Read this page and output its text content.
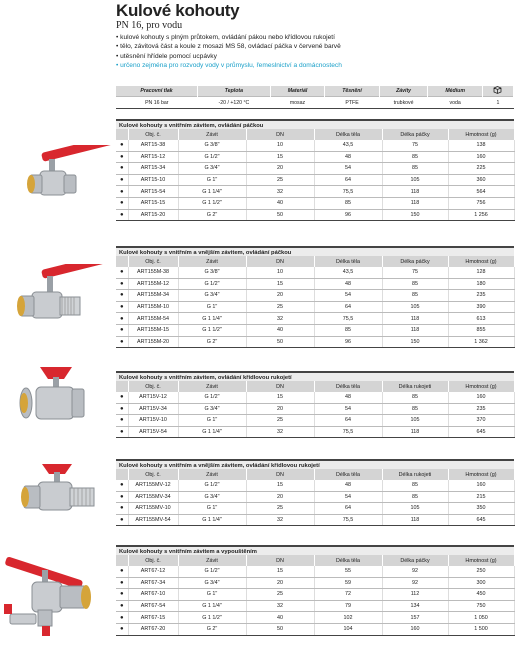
Kulové kohouty
PN 16, pro vodu
• kulové kohouty s plným průtokem, ovládání pákou nebo křídlovou rukojetí
• tělo, závitová část a koule z mosazi MS 58, ovládací páčka v červené barvě
• utěsnění hřídele pomocí ucpávky
• určeno zejména pro rozvody vody v průmyslu, řemeslnictví a domácnostech
Pracovní tlak	Teplota	Materiál	Těsnění	Závity	Médium	
PN 16 bar	-20 / +120 °C	mosaz	PTFE	trubkové	voda	1
Kulové kohouty s vnitřním závitem, ovládání páčkou
	Obj. č.	Závit	DN	Délka těla	Délka páčky	Hmotnost (g)
●	ART15-38	G 3/8"	10	43,5	75	138
●	ART15-12	G 1/2"	15	48	85	160
●	ART15-34	G 3/4"	20	54	85	225
●	ART15-10	G 1"	25	64	105	360
●	ART15-54	G 1 1/4"	32	75,5	118	564
●	ART15-15	G 1 1/2"	40	85	118	756
●	ART15-20	G 2"	50	96	150	1 256
Kulové kohouty s vnitřním a vnějším závitem, ovládání páčkou
	Obj. č.	Závit	DN	Délka těla	Délka páčky	Hmotnost (g)
●	ART155M-38	G 3/8"	10	43,5	75	128
●	ART155M-12	G 1/2"	15	48	85	180
●	ART155M-34	G 3/4"	20	54	85	235
●	ART155M-10	G 1"	25	64	105	390
●	ART155M-54	G 1 1/4"	32	75,5	118	613
●	ART155M-15	G 1 1/2"	40	85	118	855
●	ART155M-20	G 2"	50	96	150	1 362
Kulové kohouty s vnitřním závitem, ovládání křídlovou rukojetí
	Obj. č.	Závit	DN	Délka těla	Délka rukojeti	Hmotnost (g)
●	ART15V-12	G 1/2"	15	48	85	160
●	ART15V-34	G 3/4"	20	54	85	235
●	ART15V-10	G 1"	25	64	105	370
●	ART15V-54	G 1 1/4"	32	75,5	118	645
Kulové kohouty s vnitřním a vnějším závitem, ovládání křídlovou rukojetí
	Obj. č.	Závit	DN	Délka těla	Délka rukojeti	Hmotnost (g)
●	ART155MV-12	G 1/2"	15	48	85	160
●	ART155MV-34	G 3/4"	20	54	85	215
●	ART155MV-10	G 1"	25	64	105	350
●	ART155MV-54	G 1 1/4"	32	75,5	118	645
Kulové kohouty s vnitřním závitem a vypouštěním
	Obj. č.	Závit	DN	Délka těla	Délka páčky	Hmotnost (g)
●	ART67-12	G 1/2"	15	55	92	250
●	ART67-34	G 3/4"	20	59	92	300
●	ART67-10	G 1"	25	72	112	450
●	ART67-54	G 1 1/4"	32	79	134	750
●	ART67-15	G 1 1/2"	40	102	157	1 050
●	ART67-20	G 2"	50	104	160	1 500
